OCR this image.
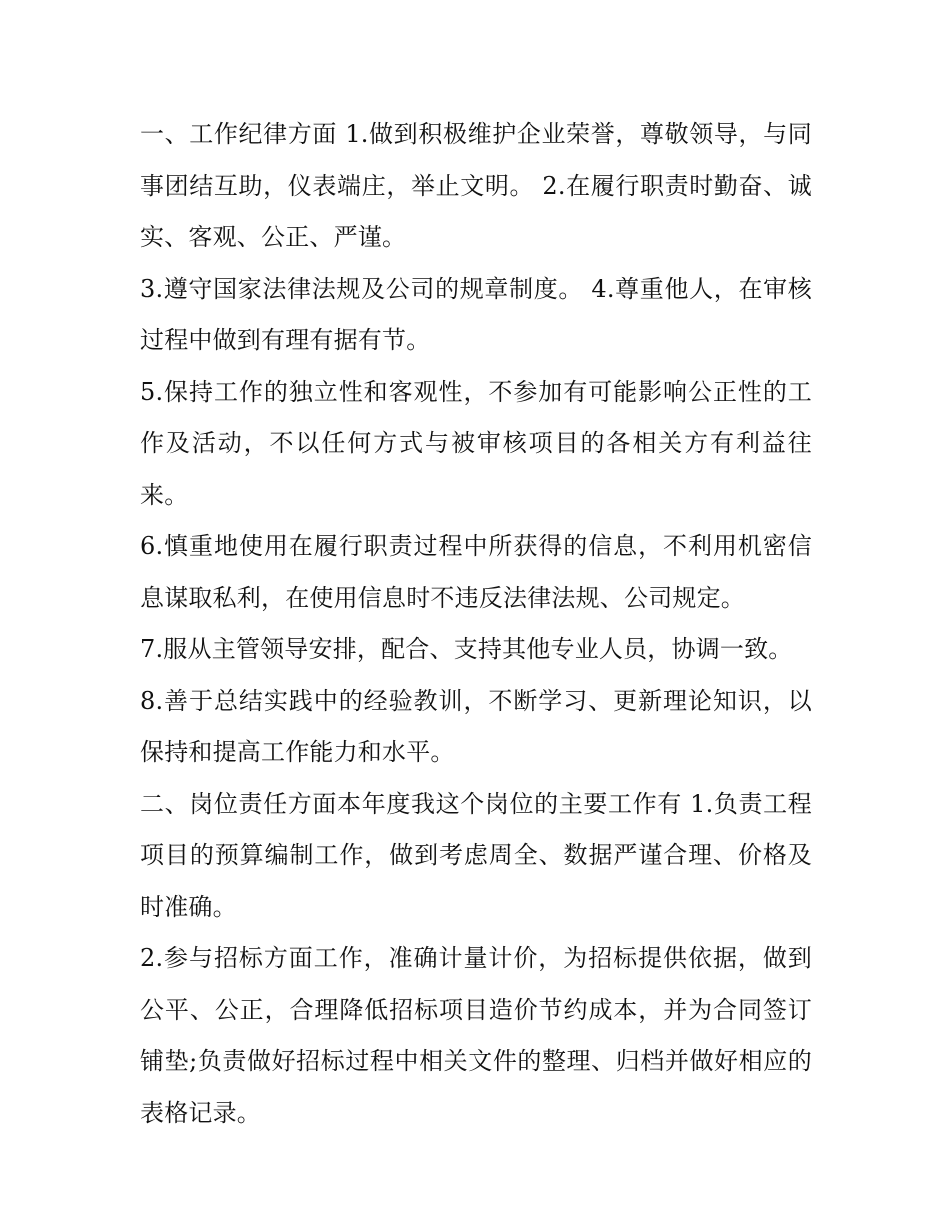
一、工作纪律方面 1.做到积极维护企业荣誉，尊敬领导，与同事团结互助，仪表端庄，举止文明。 2.在履行职责时勤奋、诚实、客观、公正、严谨。

3.遵守国家法律法规及公司的规章制度。 4.尊重他人，在审核过程中做到有理有据有节。

5.保持工作的独立性和客观性，不参加有可能影响公正性的工作及活动，不以任何方式与被审核项目的各相关方有利益往来。

6.慎重地使用在履行职责过程中所获得的信息，不利用机密信息谋取私利，在使用信息时不违反法律法规、公司规定。

7.服从主管领导安排，配合、支持其他专业人员，协调一致。

8.善于总结实践中的经验教训，不断学习、更新理论知识，以保持和提高工作能力和水平。

二、岗位责任方面本年度我这个岗位的主要工作有 1.负责工程项目的预算编制工作，做到考虑周全、数据严谨合理、价格及时准确。

2.参与招标方面工作，准确计量计价，为招标提供依据，做到公平、公正，合理降低招标项目造价节约成本，并为合同签订铺垫;负责做好招标过程中相关文件的整理、归档并做好相应的表格记录。
